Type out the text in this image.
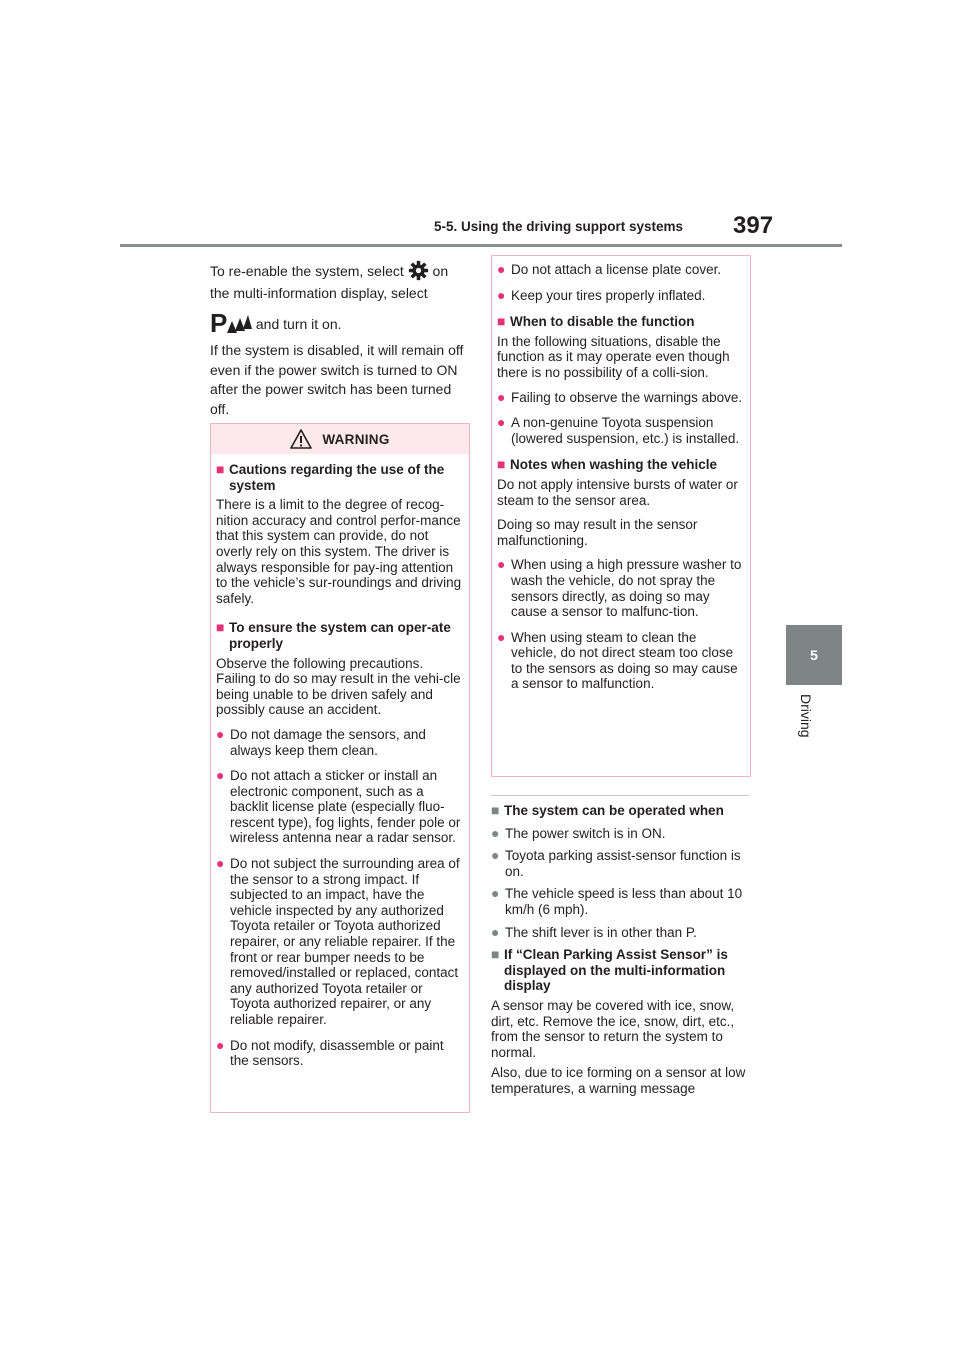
5-5. Using the driving support systems 397
5
Driving

To re-enable the system, select on

the multi-information display, select

P and turn it on.

If the system is disabled, it will remain off even if the power switch is turned to ON after the power switch has been turned off.

WARNING
■ Cautions regarding the use of the system
There is a limit to the degree of recog-nition accuracy and control perfor-mance that this system can provide, do not overly rely on this system. The driver is always responsible for pay-ing attention to the vehicle’s sur-roundings and driving safely.
■ To ensure the system can oper-ate properly
Observe the following precautions. Failing to do so may result in the vehi-cle being unable to be driven safely and possibly cause an accident.
● Do not damage the sensors, and always keep them clean.
● Do not attach a sticker or install an electronic component, such as a backlit license plate (especially fluo-rescent type), fog lights, fender pole or wireless antenna near a radar sensor.
● Do not subject the surrounding area of the sensor to a strong impact. If subjected to an impact, have the vehicle inspected by any authorized Toyota retailer or Toyota authorized repairer, or any reliable repairer. If the front or rear bumper needs to be removed/installed or replaced, contact any authorized Toyota retailer or Toyota authorized repairer, or any reliable repairer.
● Do not modify, disassemble or paint the sensors.
● Do not attach a license plate cover.
● Keep your tires properly inflated.
■ When to disable the function
In the following situations, disable the function as it may operate even though there is no possibility of a colli-sion.
● Failing to observe the warnings above.
● A non-genuine Toyota suspension (lowered suspension, etc.) is installed.
■ Notes when washing the vehicle
Do not apply intensive bursts of water or steam to the sensor area.
Doing so may result in the sensor malfunctioning.
● When using a high pressure washer to wash the vehicle, do not spray the sensors directly, as doing so may cause a sensor to malfunc-tion.
● When using steam to clean the vehicle, do not direct steam too close to the sensors as doing so may cause a sensor to malfunction.
■ The system can be operated when
● The power switch is in ON.
● Toyota parking assist-sensor function is on.
● The vehicle speed is less than about 10 km/h (6 mph).
● The shift lever is in other than P.
■ If “Clean Parking Assist Sensor” is displayed on the multi-information display
A sensor may be covered with ice, snow, dirt, etc. Remove the ice, snow, dirt, etc., from the sensor to return the system to normal.
Also, due to ice forming on a sensor at low temperatures, a warning message
